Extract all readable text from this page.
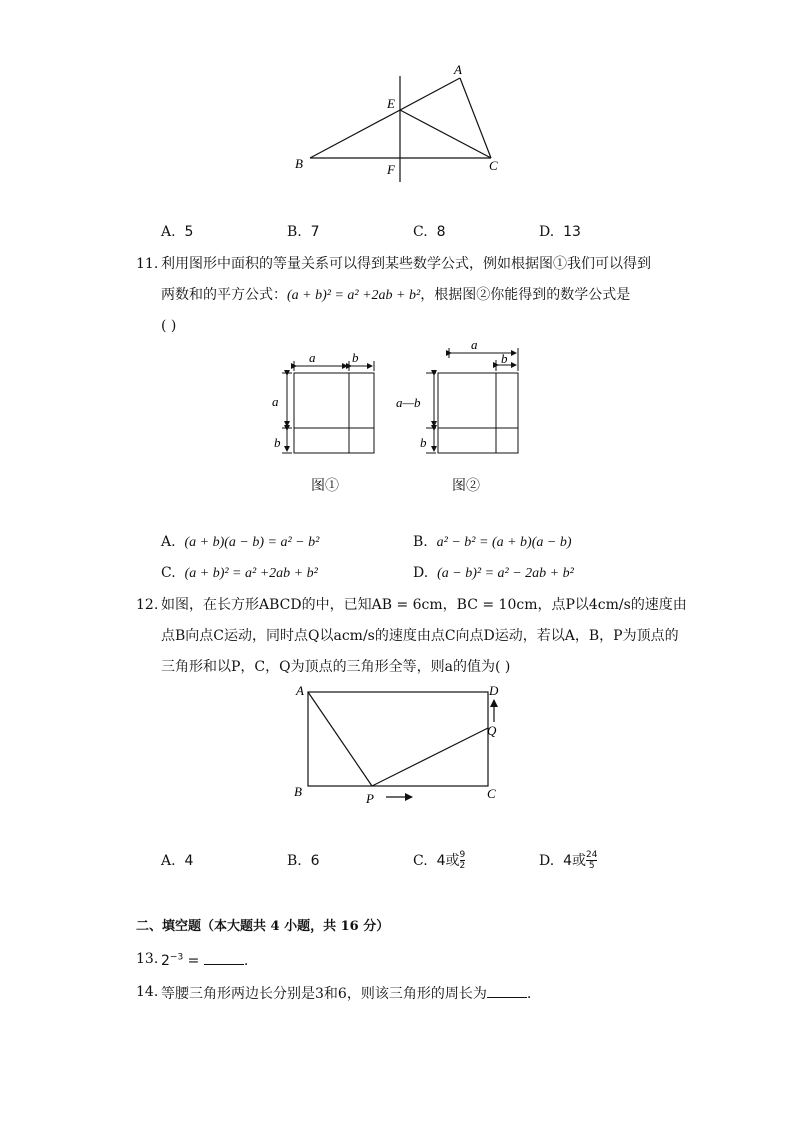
A
E
B	F	C
A. 5	B. 7	C. 8	D. 13
11. 利用图形中面积的等量关系可以得到某些数学公式，例如根据图①我们可以得到
两数和的平方公式：(a + b)² = a² +2ab + b²，根据图②你能得到的数学公式是
( )
a	b
a
b
图①
a
b
a—b
b
图②
A. (a + b)(a − b) = a² − b²	B. a² − b² = (a + b)(a − b)
C. (a + b)² = a² +2ab + b²	D. (a − b)² = a² − 2ab + b²
12. 如图，在长方形ABCD的中，已知AB = 6cm，BC = 10cm，点P以4cm/s的速度由
点B向点C运动，同时点Q以acm/s的速度由点C向点D运动，若以A，B，P为顶点的
三角形和以P，C，Q为顶点的三角形全等，则a的值为( )
A	D
B	C
P
Q
A. 4	B. 6	C. 4或 $\frac{9}{2}$	D. 4或 $\frac{24}{5}$
二、填空题（本大题共 4 小题，共 16 分）
13. $2^{-3}$ =	.
14. 等腰三角形两边长分别是3和6，则该三角形的周长为	.
